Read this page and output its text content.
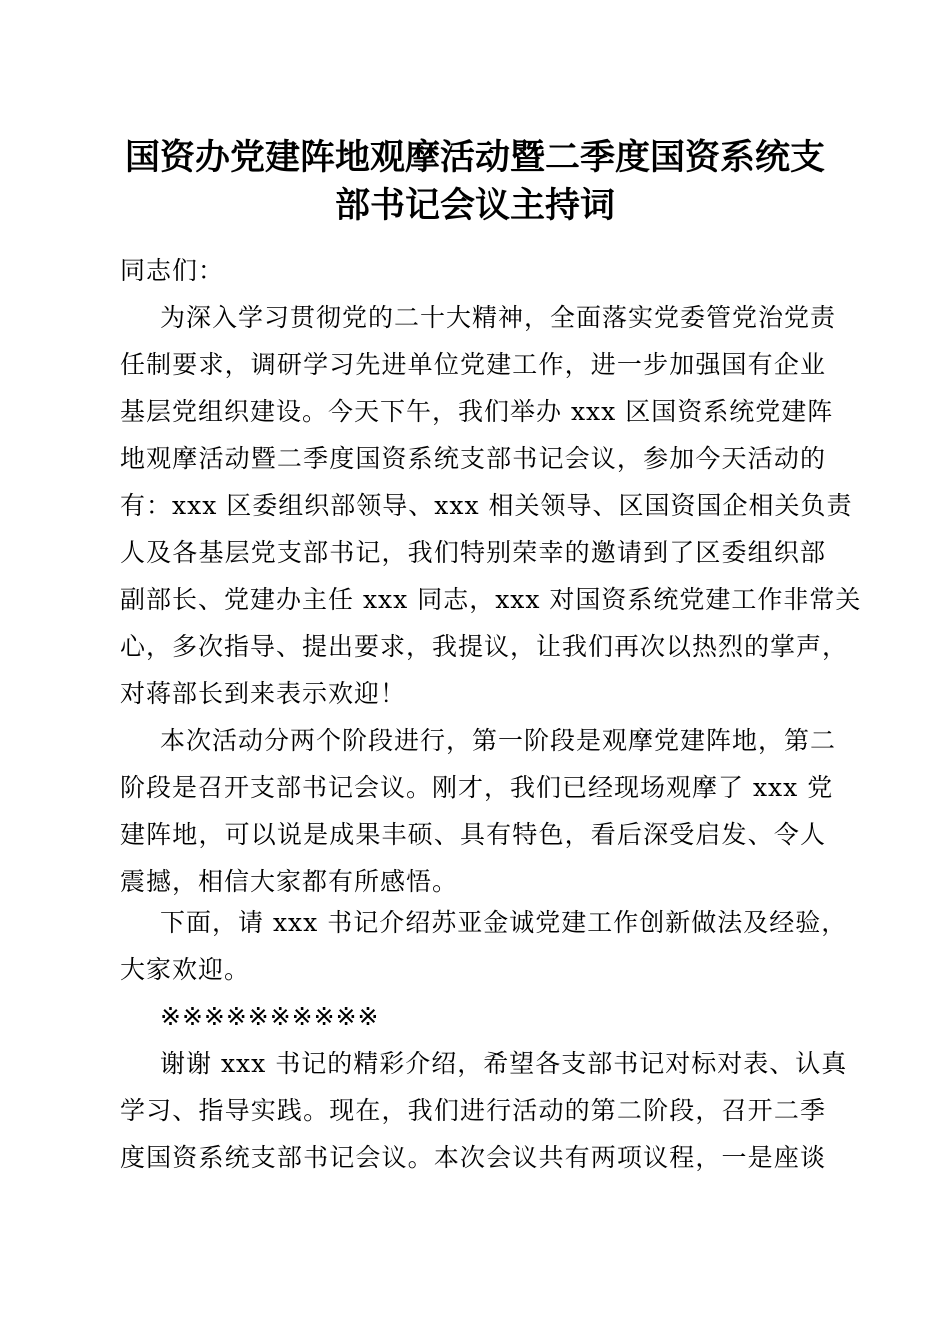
国资办党建阵地观摩活动暨二季度国资系统支
部书记会议主持词
同志们：
为深入学习贯彻党的二十大精神，全面落实党委管党治党责
任制要求，调研学习先进单位党建工作，进一步加强国有企业
基层党组织建设。今天下午，我们举办 xxx 区国资系统党建阵
地观摩活动暨二季度国资系统支部书记会议，参加今天活动的
有：xxx 区委组织部领导、xxx 相关领导、区国资国企相关负责
人及各基层党支部书记，我们特别荣幸的邀请到了区委组织部
副部长、党建办主任 xxx 同志，xxx 对国资系统党建工作非常关
心，多次指导、提出要求，我提议，让我们再次以热烈的掌声，
对蒋部长到来表示欢迎！
本次活动分两个阶段进行，第一阶段是观摩党建阵地，第二
阶段是召开支部书记会议。刚才，我们已经现场观摩了 xxx 党
建阵地，可以说是成果丰硕、具有特色，看后深受启发、令人
震撼，相信大家都有所感悟。
下面，请 xxx 书记介绍苏亚金诚党建工作创新做法及经验，
大家欢迎。
※※※※※※※※※※
谢谢 xxx 书记的精彩介绍，希望各支部书记对标对表、认真
学习、指导实践。现在，我们进行活动的第二阶段，召开二季
度国资系统支部书记会议。本次会议共有两项议程，一是座谈
